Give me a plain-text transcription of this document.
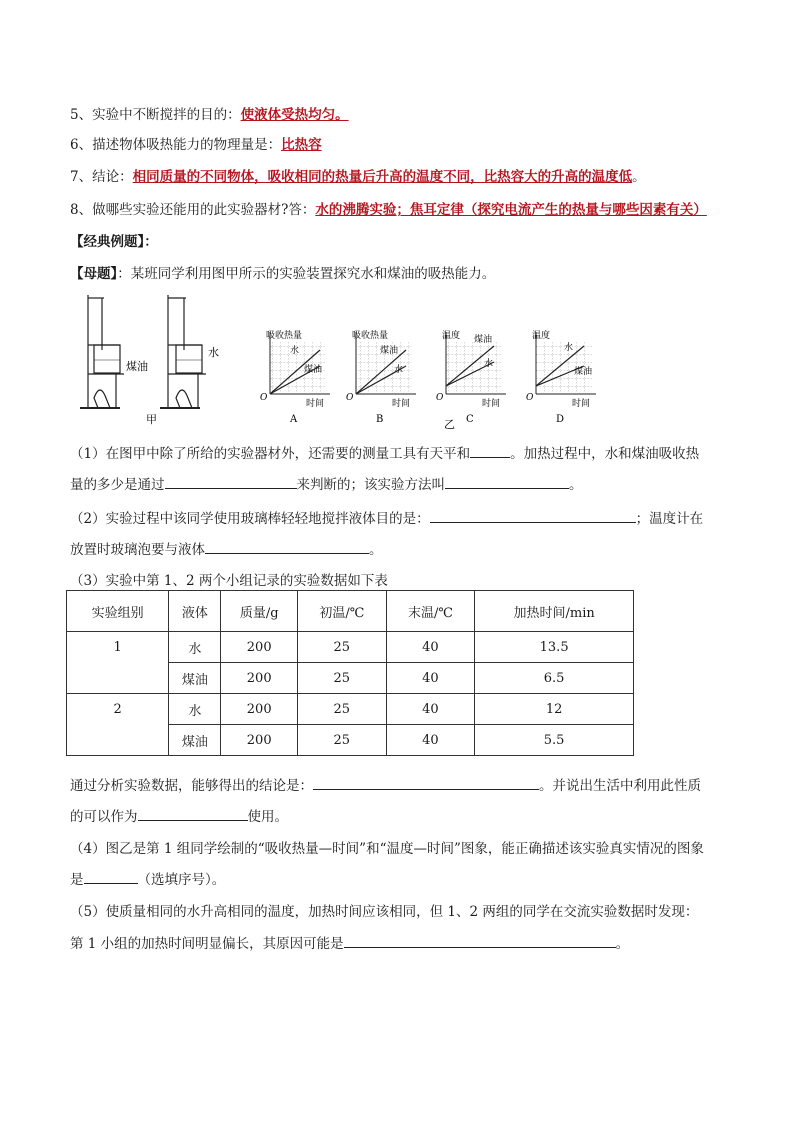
5、实验中不断搅拌的目的：使液体受热均匀。
6、描述物体吸热能力的物理量是：比热容
7、结论：相同质量的不同物体，吸收相同的热量后升高的温度不同，比热容大的升高的温度低。
8、做哪些实验还能用的此实验器材?答：水的沸腾实验；焦耳定律（探究电流产生的热量与哪些因素有关）
【经典例题】：
【母题】：某班同学利用图甲所示的实验装置探究水和煤油的吸热能力。
煤油
水
甲
吸收热量
水
煤油
O
时间
A
吸收热量
煤油
水
O
时间
B
温度 煤油
水
O
时间
C
温度
水
煤油
O
时间
D
乙
（1）在图甲中除了所给的实验器材外，还需要的测量工具有天平和	。加热过程中，水和煤油吸收热
量的多少是通过	来判断的；该实验方法叫	。
（2）实验过程中该同学使用玻璃棒轻轻地搅拌液体目的是：	；温度计在
放置时玻璃泡要与液体	。
（3）实验中第 1、2 两个小组记录的实验数据如下表
实验组别	液体	质量/g	初温/℃	末温/℃	加热时间/min
1	水	200	25	40	13.5
	煤油	200	25	40	6.5
2	水	200	25	40	12
	煤油	200	25	40	5.5
通过分析实验数据，能够得出的结论是：	。并说出生活中利用此性质
的可以作为	使用。
（4）图乙是第 1 组同学绘制的“吸收热量—时间”和“温度—时间”图象，能正确描述该实验真实情况的图象
是	（选填序号）。
（5）使质量相同的水升高相同的温度，加热时间应该相同，但 1、2 两组的同学在交流实验数据时发现：
第 1 小组的加热时间明显偏长，其原因可能是	。
